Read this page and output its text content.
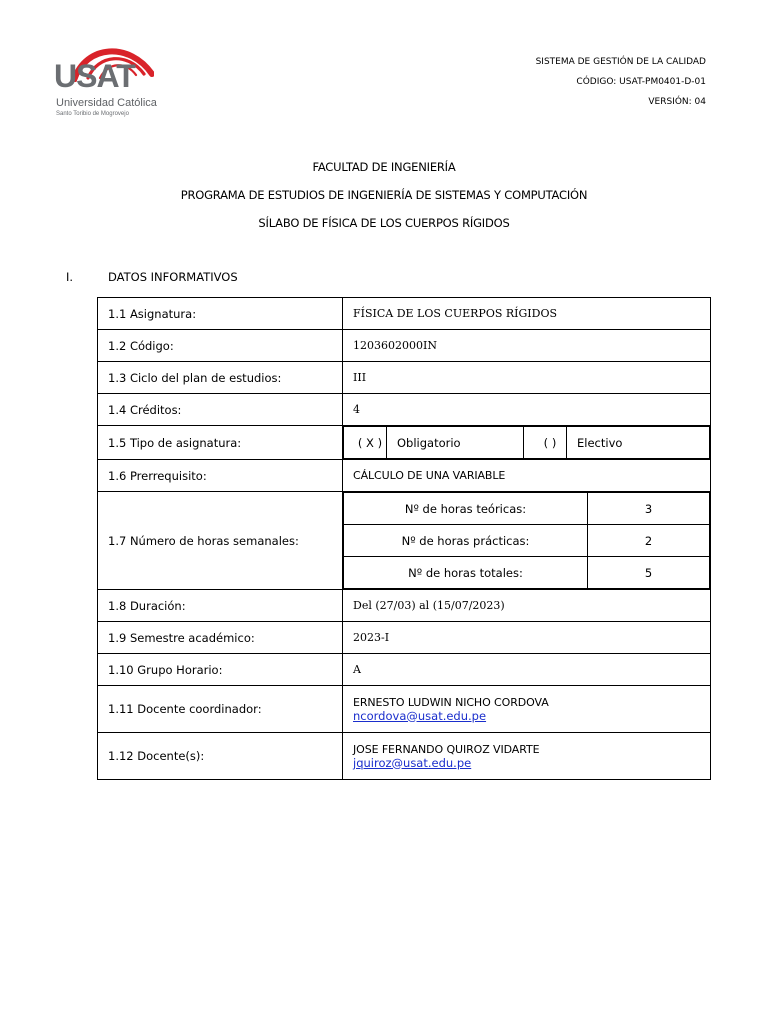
USAT
Universidad Católica
Santo Toribio de Mogrovejo
SISTEMA DE GESTIÓN DE LA CALIDAD
CÓDIGO: USAT-PM0401-D-01
VERSIÓN: 04
FACULTAD DE INGENIERÍA
PROGRAMA DE ESTUDIOS DE INGENIERÍA DE SISTEMAS Y COMPUTACIÓN
SÍLABO DE FÍSICA DE LOS CUERPOS RÍGIDOS
I.	DATOS INFORMATIVOS
1.1 Asignatura:	FÍSICA DE LOS CUERPOS RÍGIDOS
1.2 Código:	1203602000IN
1.3 Ciclo del plan de estudios:	III
1.4 Créditos:	4
1.5 Tipo de asignatura:		( X )	Obligatorio	( )	Electivo

1.6 Prerrequisito:	CÁLCULO DE UNA VARIABLE
1.7 Número de horas semanales:	
Nº de horas teóricas:	3
Nº de horas prácticas:	2
Nº de horas totales:	5

1.8 Duración:	Del (27/03) al (15/07/2023)
1.9 Semestre académico:	2023-I
1.10 Grupo Horario:	A
1.11 Docente coordinador:	ERNESTO LUDWIN NICHO CORDOVA
ncordova@usat.edu.pe
1.12 Docente(s):	JOSE FERNANDO QUIROZ VIDARTE
jquiroz@usat.edu.pe
